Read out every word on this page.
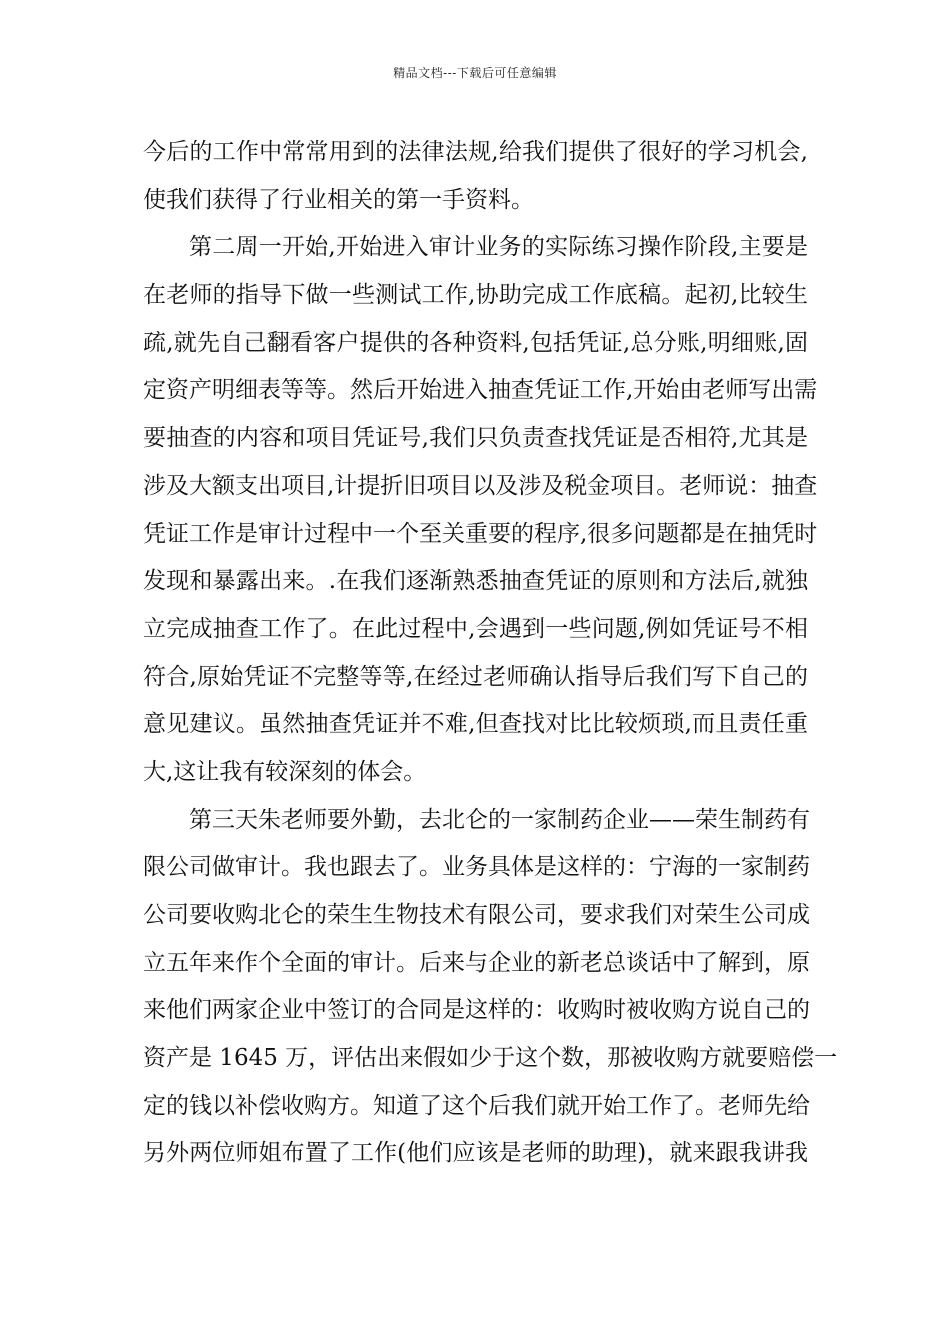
精品文档---下载后可任意编辑
今后的工作中常常用到的法律法规,给我们提供了很好的学习机会,
使我们获得了行业相关的第一手资料。
第二周一开始,开始进入审计业务的实际练习操作阶段,主要是
在老师的指导下做一些测试工作,协助完成工作底稿。起初,比较生
疏,就先自己翻看客户提供的各种资料,包括凭证,总分账,明细账,固
定资产明细表等等。然后开始进入抽查凭证工作,开始由老师写出需
要抽查的内容和项目凭证号,我们只负责查找凭证是否相符,尤其是
涉及大额支出项目,计提折旧项目以及涉及税金项目。老师说：抽查
凭证工作是审计过程中一个至关重要的程序,很多问题都是在抽凭时
发现和暴露出来。.在我们逐渐熟悉抽查凭证的原则和方法后,就独
立完成抽查工作了。在此过程中,会遇到一些问题,例如凭证号不相
符合,原始凭证不完整等等,在经过老师确认指导后我们写下自己的
意见建议。虽然抽查凭证并不难,但查找对比比较烦琐,而且责任重
大,这让我有较深刻的体会。
第三天朱老师要外勤，去北仑的一家制药企业——荣生制药有
限公司做审计。我也跟去了。业务具体是这样的：宁海的一家制药
公司要收购北仑的荣生生物技术有限公司，要求我们对荣生公司成
立五年来作个全面的审计。后来与企业的新老总谈话中了解到，原
来他们两家企业中签订的合同是这样的：收购时被收购方说自己的
资产是 1645 万，评估出来假如少于这个数，那被收购方就要赔偿一
定的钱以补偿收购方。知道了这个后我们就开始工作了。老师先给
另外两位师姐布置了工作(他们应该是老师的助理)，就来跟我讲我
